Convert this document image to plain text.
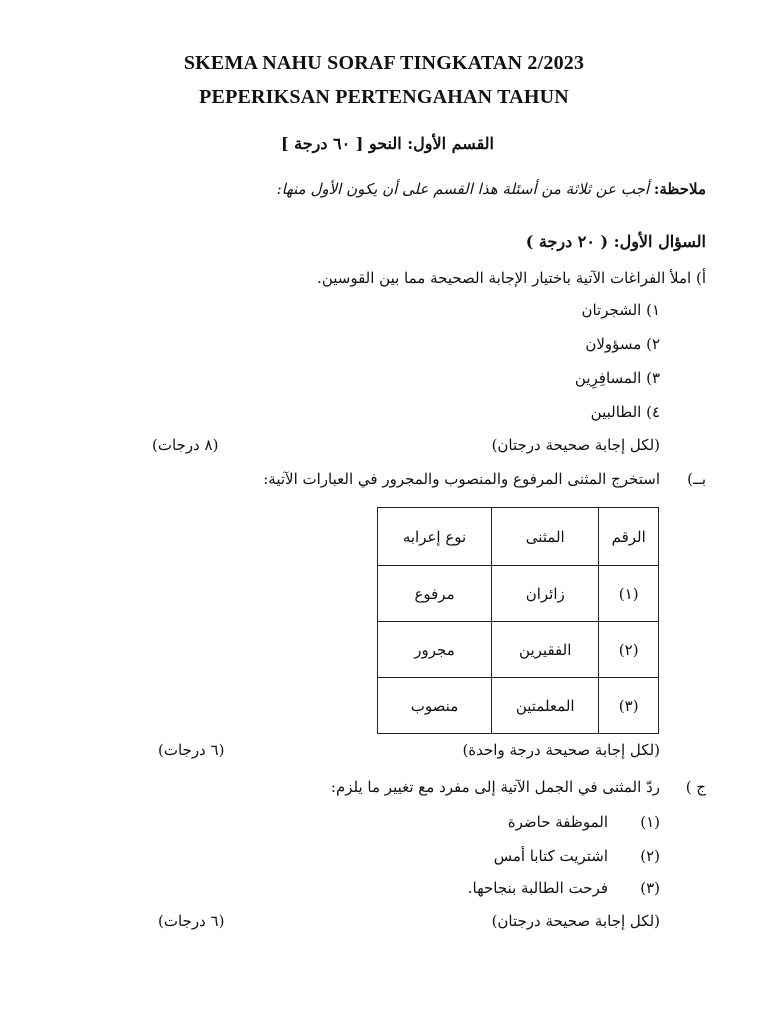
SKEMA NAHU SORAF TINGKATAN 2/2023
PEPERIKSAN PERTENGAHAN TAHUN
القسم الأول: النحو [ ٦٠ درجة ]
ملاحظة: أجب عن ثلاثة من أسئلة هذا القسم على أن يكون الأول منها:
السؤال الأول: ( ٢٠ درجة )
أ) املأ الفراغات الآتية باختيار الإجابة الصحيحة مما بين القوسين.
١) الشجرتان
٢) مسؤولان
٣) المسافِرِين
٤) الطالبين
(لكل إجابة صحيحة درجتان)
(٨ درجات)
بــ)
استخرج المثنى المرفوع والمنصوب والمجرور في العبارات الآتية:
الرقم	المثنى	نوع إعرابه
(١)	زائران	مرفوع
(٢)	الفقيرين	مجرور
(٣)	المعلمتين	منصوب
(لكل إجابة صحيحة درجة واحدة)
(٦ درجات)
ج )
ردّ المثنى في الجمل الآتية إلى مفرد مع تغيير ما يلزم:
(١)
الموظفة حاضرة
(٢)
اشتريت كتابا أمس
(٣)
فرحت الطالبة بنجاحها.
(لكل إجابة صحيحة درجتان)
(٦ درجات)
